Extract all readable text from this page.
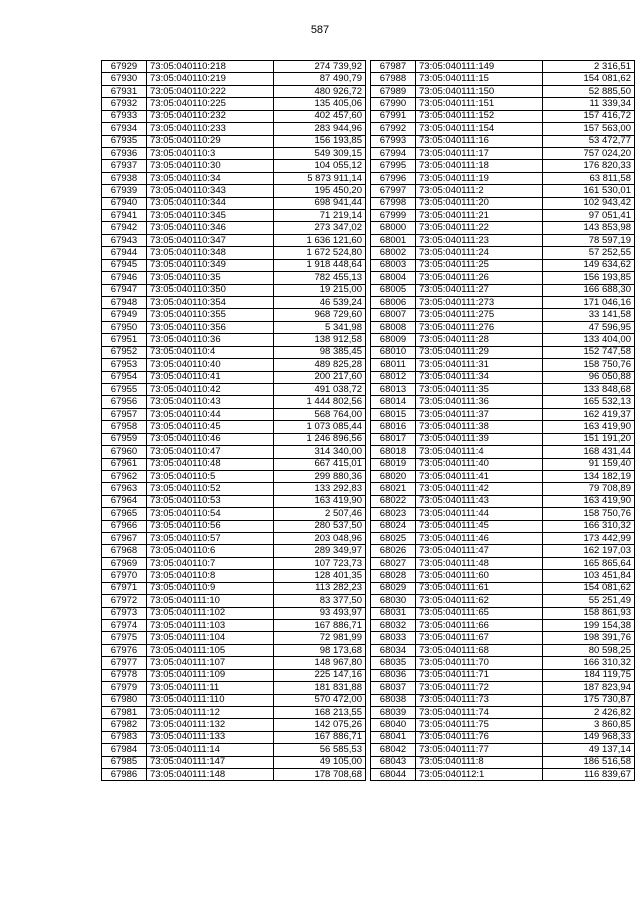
587
67929	73:05:040110:218	274 739,92
67930	73:05:040110:219	87 490,79
67931	73:05:040110:222	480 926,72
67932	73:05:040110:225	135 405,06
67933	73:05:040110:232	402 457,60
67934	73:05:040110:233	283 944,96
67935	73:05:040110:29	156 193,85
67936	73:05:040110:3	549 309,15
67937	73:05:040110:30	104 055,12
67938	73:05:040110:34	5 873 911,14
67939	73:05:040110:343	195 450,20
67940	73:05:040110:344	698 941,44
67941	73:05:040110:345	71 219,14
67942	73:05:040110:346	273 347,02
67943	73:05:040110:347	1 636 121,60
67944	73:05:040110:348	1 672 524,80
67945	73:05:040110:349	1 918 448,64
67946	73:05:040110:35	782 455,13
67947	73:05:040110:350	19 215,00
67948	73:05:040110:354	46 539,24
67949	73:05:040110:355	968 729,60
67950	73:05:040110:356	5 341,98
67951	73:05:040110:36	138 912,58
67952	73:05:040110:4	98 385,45
67953	73:05:040110:40	489 825,28
67954	73:05:040110:41	200 217,60
67955	73:05:040110:42	491 038,72
67956	73:05:040110:43	1 444 802,56
67957	73:05:040110:44	568 764,00
67958	73:05:040110:45	1 073 085,44
67959	73:05:040110:46	1 246 896,56
67960	73:05:040110:47	314 340,00
67961	73:05:040110:48	667 415,01
67962	73:05:040110:5	299 880,36
67963	73:05:040110:52	133 292,83
67964	73:05:040110:53	163 419,90
67965	73:05:040110:54	2 507,46
67966	73:05:040110:56	280 537,50
67967	73:05:040110:57	203 048,96
67968	73:05:040110:6	289 349,97
67969	73:05:040110:7	107 723,73
67970	73:05:040110:8	128 401,35
67971	73:05:040110:9	113 282,23
67972	73:05:040111:10	83 377,50
67973	73:05:040111:102	93 493,97
67974	73:05:040111:103	167 886,71
67975	73:05:040111:104	72 981,99
67976	73:05:040111:105	98 173,68
67977	73:05:040111:107	148 967,80
67978	73:05:040111:109	225 147,16
67979	73:05:040111:11	181 831,88
67980	73:05:040111:110	570 472,00
67981	73:05:040111:12	168 213,55
67982	73:05:040111:132	142 075,26
67983	73:05:040111:133	167 886,71
67984	73:05:040111:14	56 585,53
67985	73:05:040111:147	49 105,00
67986	73:05:040111:148	178 708,68
67987	73:05:040111:149	2 316,51
67988	73:05:040111:15	154 081,62
67989	73:05:040111:150	52 885,50
67990	73:05:040111:151	11 339,34
67991	73:05:040111:152	157 416,72
67992	73:05:040111:154	157 563,00
67993	73:05:040111:16	53 472,77
67994	73:05:040111:17	757 024,20
67995	73:05:040111:18	176 820,33
67996	73:05:040111:19	63 811,58
67997	73:05:040111:2	161 530,01
67998	73:05:040111:20	102 943,42
67999	73:05:040111:21	97 051,41
68000	73:05:040111:22	143 853,98
68001	73:05:040111:23	78 597,19
68002	73:05:040111:24	57 252,55
68003	73:05:040111:25	149 634,62
68004	73:05:040111:26	156 193,85
68005	73:05:040111:27	166 688,30
68006	73:05:040111:273	171 046,16
68007	73:05:040111:275	33 141,58
68008	73:05:040111:276	47 596,95
68009	73:05:040111:28	133 404,00
68010	73:05:040111:29	152 747,58
68011	73:05:040111:31	158 750,76
68012	73:05:040111:34	96 050,88
68013	73:05:040111:35	133 848,68
68014	73:05:040111:36	165 532,13
68015	73:05:040111:37	162 419,37
68016	73:05:040111:38	163 419,90
68017	73:05:040111:39	151 191,20
68018	73:05:040111:4	168 431,44
68019	73:05:040111:40	91 159,40
68020	73:05:040111:41	134 182,19
68021	73:05:040111:42	79 708,89
68022	73:05:040111:43	163 419,90
68023	73:05:040111:44	158 750,76
68024	73:05:040111:45	166 310,32
68025	73:05:040111:46	173 442,99
68026	73:05:040111:47	162 197,03
68027	73:05:040111:48	165 865,64
68028	73:05:040111:60	103 451,84
68029	73:05:040111:61	154 081,62
68030	73:05:040111:62	55 251,49
68031	73:05:040111:65	158 861,93
68032	73:05:040111:66	199 154,38
68033	73:05:040111:67	198 391,76
68034	73:05:040111:68	80 598,25
68035	73:05:040111:70	166 310,32
68036	73:05:040111:71	184 119,75
68037	73:05:040111:72	187 823,94
68038	73:05:040111:73	175 730,87
68039	73:05:040111:74	2 426,82
68040	73:05:040111:75	3 860,85
68041	73:05:040111:76	149 968,33
68042	73:05:040111:77	49 137,14
68043	73:05:040111:8	186 516,58
68044	73:05:040112:1	116 839,67
